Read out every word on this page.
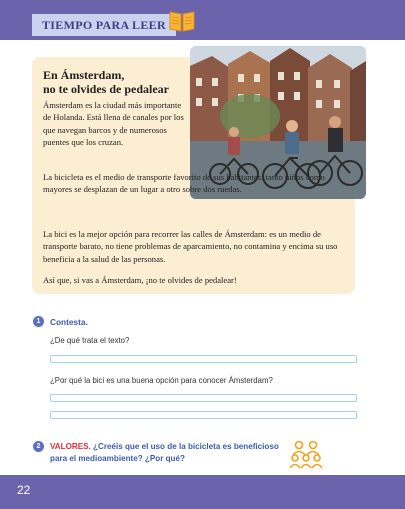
TIEMPO PARA LEER
En Ámsterdam,
no te olvides de pedalear
Ámsterdam es la ciudad más importante de Holanda. Está llena de canales por los que navegan barcos y de numerosos puentes que los cruzan.
La bicicleta es el medio de transporte favorito de sus habitantes: tanto niños como mayores se desplazan de un lugar a otro sobre dos ruedas.
La bici es la mejor opción para recorrer las calles de Ámsterdam: es un medio de transporte barato, no tiene problemas de aparcamiento, no contamina y encima su uso beneficia a la salud de las personas.
Así que, si vas a Ámsterdam, ¡no te olvides de pedalear!
1	Contesta.
¿De qué trata el texto?
¿Por qué la bici es una buena opción para conocer Ámsterdam?
2	VALORES. ¿Creéis que el uso de la bicicleta es beneficioso para el medioambiente? ¿Por qué?
22
